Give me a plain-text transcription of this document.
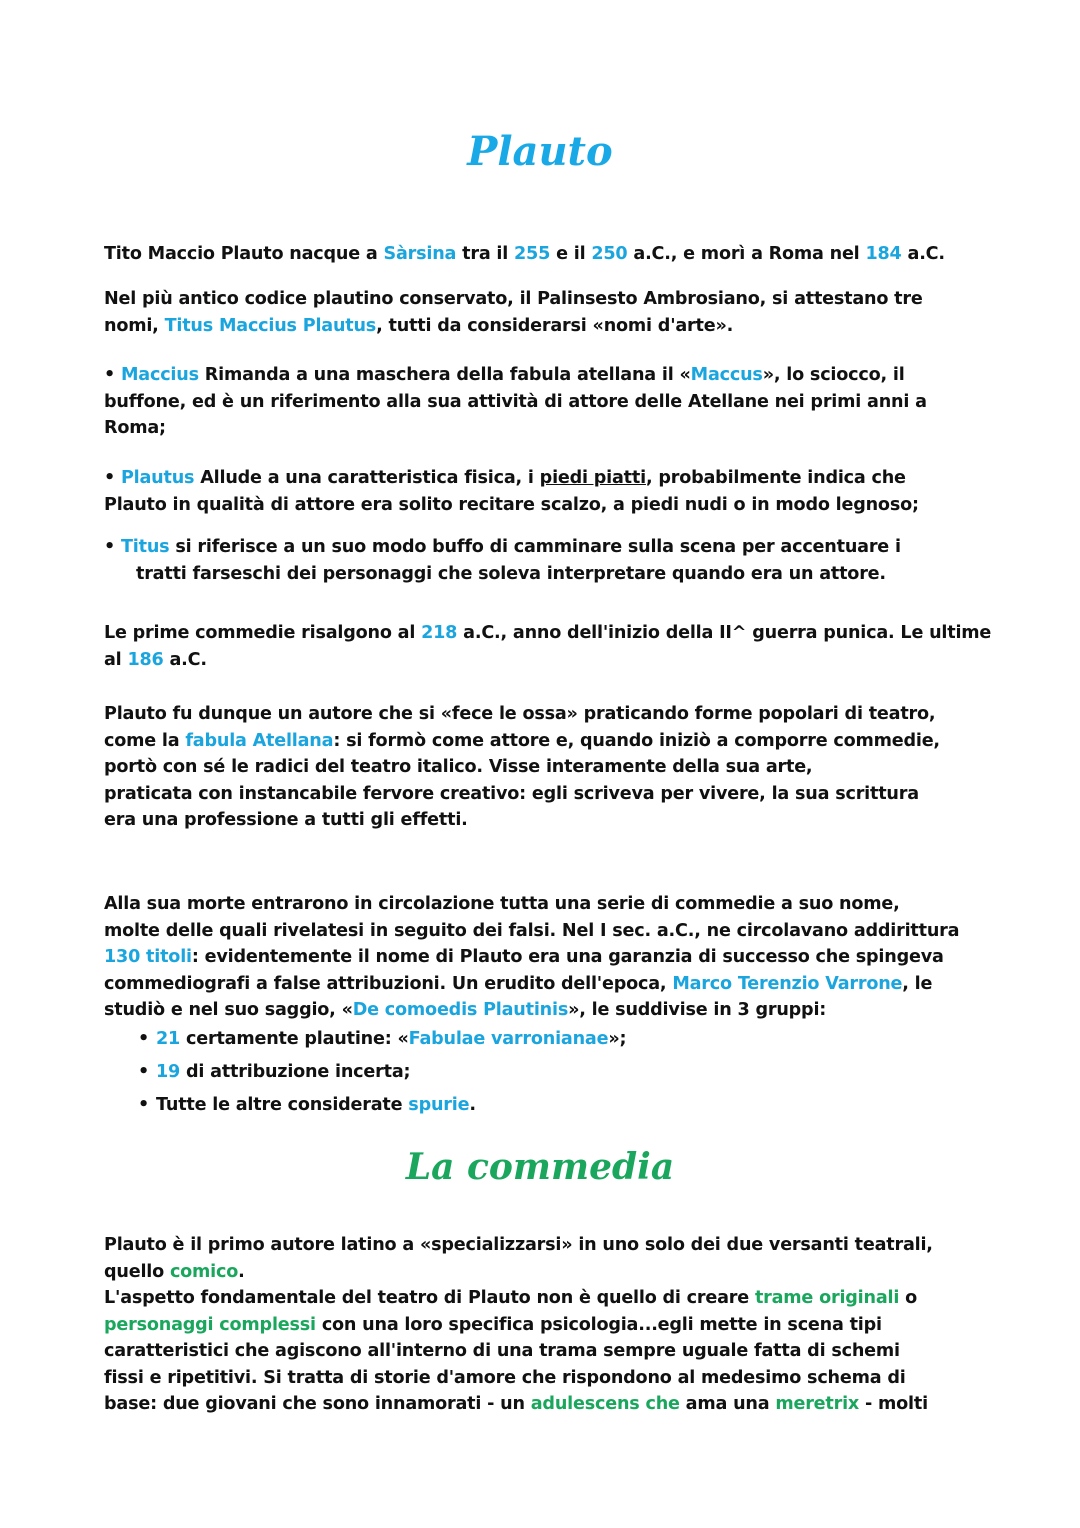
Plauto
Tito Maccio Plauto nacque a Sàrsina tra il 255 e il 250 a.C., e morì a Roma nel 184 a.C.
Nel più antico codice plautino conservato, il Palinsesto Ambrosiano, si attestano tre
nomi, Titus Maccius Plautus, tutti da considerarsi «nomi d'arte».
• Maccius Rimanda a una maschera della fabula atellana il «Maccus», lo sciocco, il
buffone, ed è un riferimento alla sua attività di attore delle Atellane nei primi anni a
Roma;
• Plautus Allude a una caratteristica fisica, i piedi piatti, probabilmente indica che
Plauto in qualità di attore era solito recitare scalzo, a piedi nudi o in modo legnoso;
• Titus si riferisce a un suo modo buffo di camminare sulla scena per accentuare i
tratti farseschi dei personaggi che soleva interpretare quando era un attore.
Le prime commedie risalgono al 218 a.C., anno dell'inizio della II^ guerra punica. Le ultime
al 186 a.C.
Plauto fu dunque un autore che si «fece le ossa» praticando forme popolari di teatro,
come la fabula Atellana: si formò come attore e, quando iniziò a comporre commedie,
portò con sé le radici del teatro italico. Visse interamente della sua arte,
praticata con instancabile fervore creativo: egli scriveva per vivere, la sua scrittura
era una professione a tutti gli effetti.
Alla sua morte entrarono in circolazione tutta una serie di commedie a suo nome,
molte delle quali rivelatesi in seguito dei falsi. Nel I sec. a.C., ne circolavano addirittura
130 titoli: evidentemente il nome di Plauto era una garanzia di successo che spingeva
commediografi a false attribuzioni. Un erudito dell'epoca, Marco Terenzio Varrone, le
studiò e nel suo saggio, «De comoedis Plautinis», le suddivise in 3 gruppi:
• 21 certamente plautine: «Fabulae varronianae»;
• 19 di attribuzione incerta;
• Tutte le altre considerate spurie.
La commedia
Plauto è il primo autore latino a «specializzarsi» in uno solo dei due versanti teatrali,
quello comico.
L'aspetto fondamentale del teatro di Plauto non è quello di creare trame originali o
personaggi complessi con una loro specifica psicologia...egli mette in scena tipi
caratteristici che agiscono all'interno di una trama sempre uguale fatta di schemi
fissi e ripetitivi. Si tratta di storie d'amore che rispondono al medesimo schema di
base: due giovani che sono innamorati - un adulescens che ama una meretrix - molti
